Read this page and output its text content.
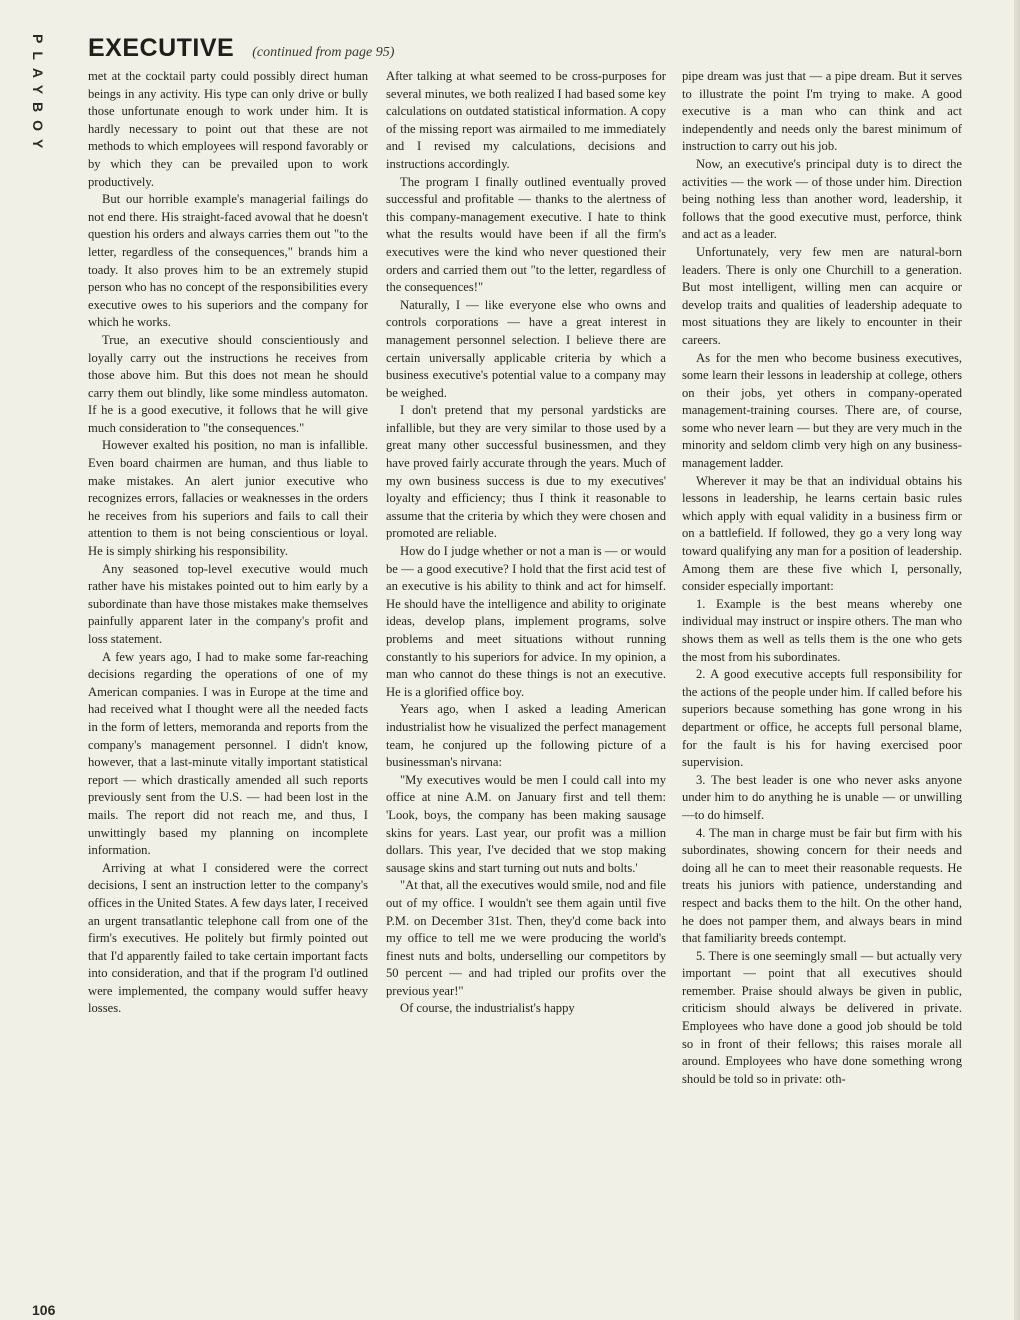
PLAYBOY EXECUTIVE (continued from page 95)

met at the cocktail party could possibly direct human beings in any activity. His type can only drive or bully those unfortunate enough to work under him. It is hardly necessary to point out that these are not methods to which employees will respond favorably or by which they can be prevailed upon to work productively.

But our horrible example's managerial failings do not end there. His straight-faced avowal that he doesn't question his orders and always carries them out "to the letter, regardless of the consequences," brands him a toady. It also proves him to be an extremely stupid person who has no concept of the responsibilities every executive owes to his superiors and the company for which he works.

True, an executive should conscientiously and loyally carry out the instructions he receives from those above him. But this does not mean he should carry them out blindly, like some mindless automaton. If he is a good executive, it follows that he will give much consideration to "the consequences."

However exalted his position, no man is infallible. Even board chairmen are human, and thus liable to make mistakes. An alert junior executive who recognizes errors, fallacies or weaknesses in the orders he receives from his superiors and fails to call their attention to them is not being conscientious or loyal. He is simply shirking his responsibility.

Any seasoned top-level executive would much rather have his mistakes pointed out to him early by a subordinate than have those mistakes make themselves painfully apparent later in the company's profit and loss statement.

A few years ago, I had to make some far-reaching decisions regarding the operations of one of my American companies. I was in Europe at the time and had received what I thought were all the needed facts in the form of letters, memoranda and reports from the company's management personnel. I didn't know, however, that a last-minute vitally important statistical report — which drastically amended all such reports previously sent from the U.S. — had been lost in the mails. The report did not reach me, and thus, I unwittingly based my planning on incomplete information.

Arriving at what I considered were the correct decisions, I sent an instruction letter to the company's offices in the United States. A few days later, I received an urgent transatlantic telephone call from one of the firm's executives. He politely but firmly pointed out that I'd apparently failed to take certain important facts into consideration, and that if the program I'd outlined were implemented, the company would suffer heavy losses.

After talking at what seemed to be cross-purposes for several minutes, we both realized I had based some key calculations on outdated statistical information. A copy of the missing report was airmailed to me immediately and I revised my calculations, decisions and instructions accordingly.

The program I finally outlined eventually proved successful and profitable — thanks to the alertness of this company-management executive. I hate to think what the results would have been if all the firm's executives were the kind who never questioned their orders and carried them out "to the letter, regardless of the consequences!"

Naturally, I — like everyone else who owns and controls corporations — have a great interest in management personnel selection. I believe there are certain universally applicable criteria by which a business executive's potential value to a company may be weighed.

I don't pretend that my personal yardsticks are infallible, but they are very similar to those used by a great many other successful businessmen, and they have proved fairly accurate through the years. Much of my own business success is due to my executives' loyalty and efficiency; thus I think it reasonable to assume that the criteria by which they were chosen and promoted are reliable.

How do I judge whether or not a man is — or would be — a good executive? I hold that the first acid test of an executive is his ability to think and act for himself. He should have the intelligence and ability to originate ideas, develop plans, implement programs, solve problems and meet situations without running constantly to his superiors for advice. In my opinion, a man who cannot do these things is not an executive. He is a glorified office boy.

Years ago, when I asked a leading American industrialist how he visualized the perfect management team, he conjured up the following picture of a businessman's nirvana:

"My executives would be men I could call into my office at nine A.M. on January first and tell them: 'Look, boys, the company has been making sausage skins for years. Last year, our profit was a million dollars. This year, I've decided that we stop making sausage skins and start turning out nuts and bolts.'

"At that, all the executives would smile, nod and file out of my office. I wouldn't see them again until five P.M. on December 31st. Then, they'd come back into my office to tell me we were producing the world's finest nuts and bolts, underselling our competitors by 50 percent — and had tripled our profits over the previous year!"

Of course, the industrialist's happy

pipe dream was just that — a pipe dream. But it serves to illustrate the point I'm trying to make. A good executive is a man who can think and act independently and needs only the barest minimum of instruction to carry out his job.

Now, an executive's principal duty is to direct the activities — the work — of those under him. Direction being nothing less than another word, leadership, it follows that the good executive must, perforce, think and act as a leader.

Unfortunately, very few men are natural-born leaders. There is only one Churchill to a generation. But most intelligent, willing men can acquire or develop traits and qualities of leadership adequate to most situations they are likely to encounter in their careers.

As for the men who become business executives, some learn their lessons in leadership at college, others on their jobs, yet others in company-operated management-training courses. There are, of course, some who never learn — but they are very much in the minority and seldom climb very high on any business-management ladder.

Wherever it may be that an individual obtains his lessons in leadership, he learns certain basic rules which apply with equal validity in a business firm or on a battlefield. If followed, they go a very long way toward qualifying any man for a position of leadership. Among them are these five which I, personally, consider especially important:

1. Example is the best means whereby one individual may instruct or inspire others. The man who shows them as well as tells them is the one who gets the most from his subordinates.

2. A good executive accepts full responsibility for the actions of the people under him. If called before his superiors because something has gone wrong in his department or office, he accepts full personal blame, for the fault is his for having exercised poor supervision.

3. The best leader is one who never asks anyone under him to do anything he is unable — or unwilling—to do himself.

4. The man in charge must be fair but firm with his subordinates, showing concern for their needs and doing all he can to meet their reasonable requests. He treats his juniors with patience, understanding and respect and backs them to the hilt. On the other hand, he does not pamper them, and always bears in mind that familiarity breeds contempt.

5. There is one seemingly small — but actually very important — point that all executives should remember. Praise should always be given in public, criticism should always be delivered in private. Employees who have done a good job should be told so in front of their fellows; this raises morale all around. Employees who have done something wrong should be told so in private: oth-

106
